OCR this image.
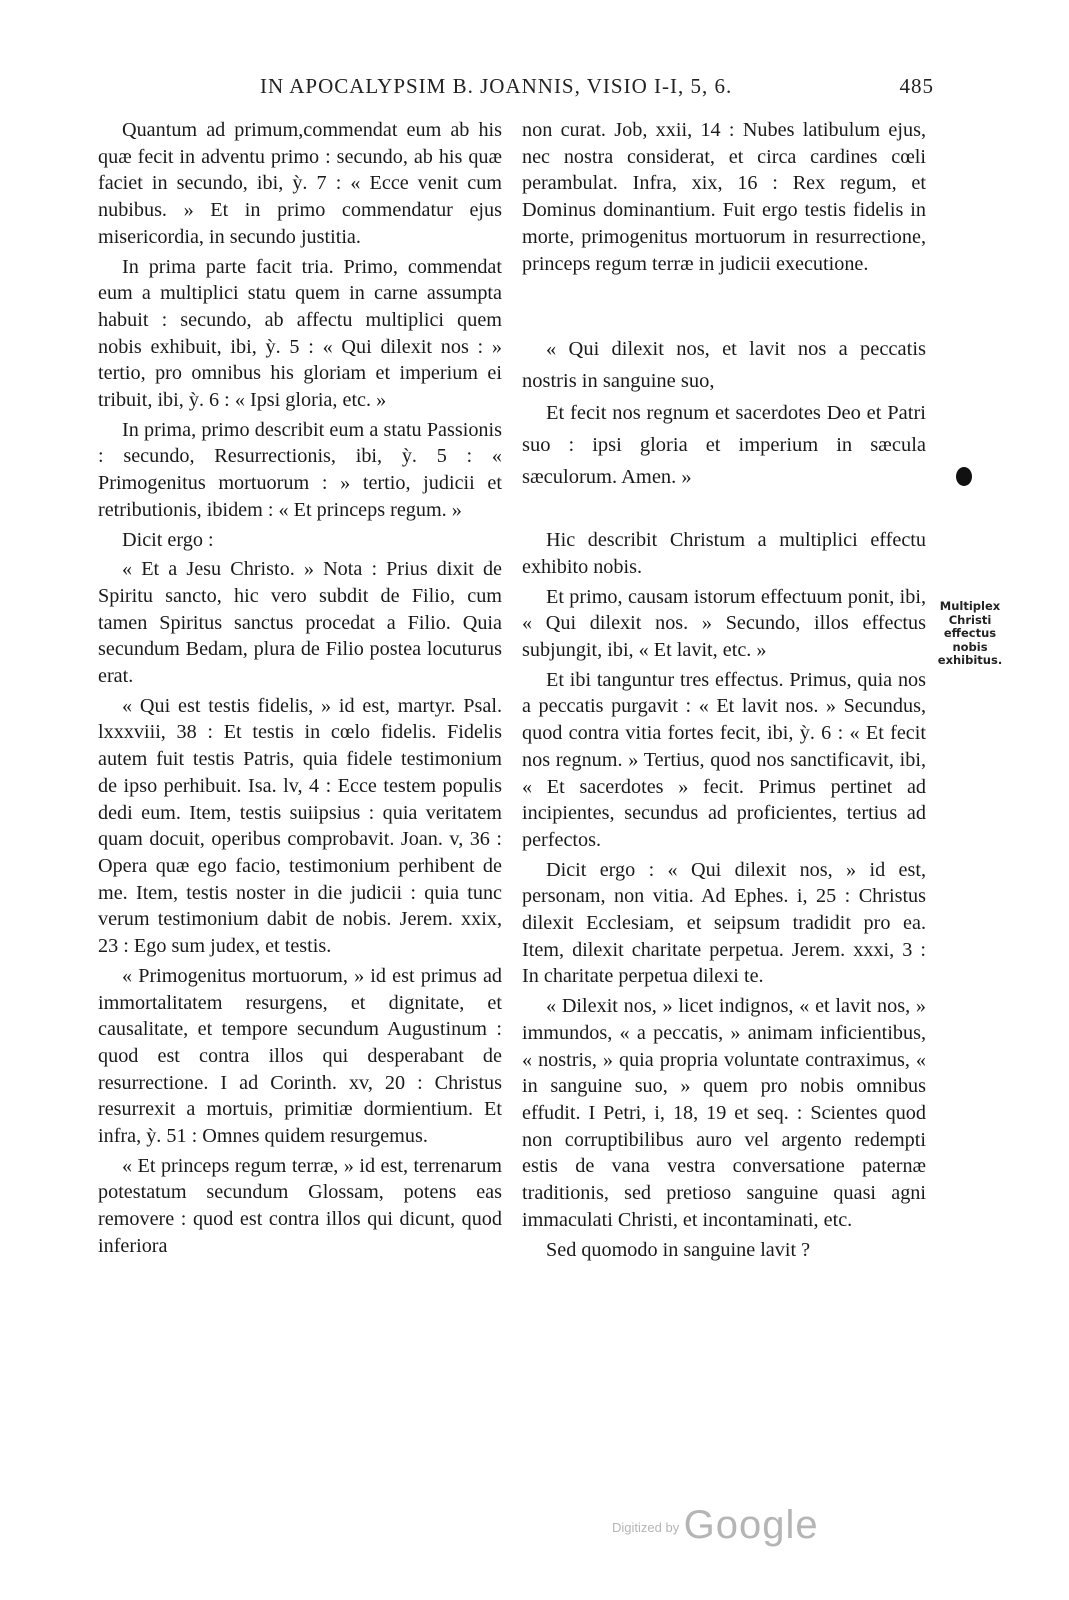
IN APOCALYPSIM B. JOANNIS, VISIO I-I, 5, 6.	485

Quantum ad primum,commendat eum ab his quæ fecit in adventu primo : secundo, ab his quæ faciet in secundo, ibi, ỳ. 7 : « Ecce venit cum nubibus. » Et in primo commendatur ejus misericordia, in secundo justitia.

In prima parte facit tria. Primo, commendat eum a multiplici statu quem in carne assumpta habuit : secundo, ab affectu multiplici quem nobis exhibuit, ibi, ỳ. 5 : « Qui dilexit nos : » tertio, pro omnibus his gloriam et imperium ei tribuit, ibi, ỳ. 6 : « Ipsi gloria, etc. »

In prima, primo describit eum a statu Passionis : secundo, Resurrectionis, ibi, ỳ. 5 : « Primogenitus mortuorum : » tertio, judicii et retributionis, ibidem : « Et princeps regum. »

Dicit ergo :

« Et a Jesu Christo. » Nota : Prius dixit de Spiritu sancto, hic vero subdit de Filio, cum tamen Spiritus sanctus procedat a Filio. Quia secundum Bedam, plura de Filio postea locuturus erat.

« Qui est testis fidelis, » id est, martyr. Psal. lxxxviii, 38 : Et testis in cœlo fidelis. Fidelis autem fuit testis Patris, quia fidele testimonium de ipso perhibuit. Isa. lv, 4 : Ecce testem populis dedi eum. Item, testis suiipsius : quia veritatem quam docuit, operibus comprobavit. Joan. v, 36 : Opera quæ ego facio, testimonium perhibent de me. Item, testis noster in die judicii : quia tunc verum testimonium dabit de nobis. Jerem. xxix, 23 : Ego sum judex, et testis.

« Primogenitus mortuorum, » id est primus ad immortalitatem resurgens, et dignitate, et causalitate, et tempore secundum Augustinum : quod est contra illos qui desperabant de resurrectione. I ad Corinth. xv, 20 : Christus resurrexit a mortuis, primitiæ dormientium. Et infra, ỳ. 51 : Omnes quidem resurgemus.

« Et princeps regum terræ, » id est, terrenarum potestatum secundum Glossam, potens eas removere : quod est contra illos qui dicunt, quod inferiora

non curat. Job, xxii, 14 : Nubes latibulum ejus, nec nostra considerat, et circa cardines cœli perambulat. Infra, xix, 16 : Rex regum, et Dominus dominantium. Fuit ergo testis fidelis in morte, primogenitus mortuorum in resurrectione, princeps regum terræ in judicii executione.

« Qui dilexit nos, et lavit nos a peccatis nostris in sanguine suo,
Et fecit nos regnum et sacerdotes Deo et Patri suo : ipsi gloria et imperium in sæcula sæculorum. Amen. »

Hic describit Christum a multiplici effectu exhibito nobis.

Et primo, causam istorum effectuum ponit, ibi, « Qui dilexit nos. » Secundo, illos effectus subjungit, ibi, « Et lavit, etc. »

Et ibi tanguntur tres effectus. Primus, quia nos a peccatis purgavit : « Et lavit nos. » Secundus, quod contra vitia fortes fecit, ibi, ỳ. 6 : « Et fecit nos regnum. » Tertius, quod nos sanctificavit, ibi, « Et sacerdotes » fecit. Primus pertinet ad incipientes, secundus ad proficientes, tertius ad perfectos.

Dicit ergo : « Qui dilexit nos, » id est, personam, non vitia. Ad Ephes. i, 25 : Christus dilexit Ecclesiam, et seipsum tradidit pro ea. Item, dilexit charitate perpetua. Jerem. xxxi, 3 : In charitate perpetua dilexi te.

« Dilexit nos, » licet indignos, « et lavit nos, » immundos, « a peccatis, » animam inficientibus, « nostris, » quia propria voluntate contraximus, « in sanguine suo, » quem pro nobis omnibus effudit. I Petri, i, 18, 19 et seq. : Scientes quod non corruptibilibus auro vel argento redempti estis de vana vestra conversatione paternæ traditionis, sed pretioso sanguine quasi agni immaculati Christi, et incontaminati, etc.

Sed quomodo in sanguine lavit ?

Multiplex Christi effectus nobis exhibitus.
$^{Digitized by}$ Google
